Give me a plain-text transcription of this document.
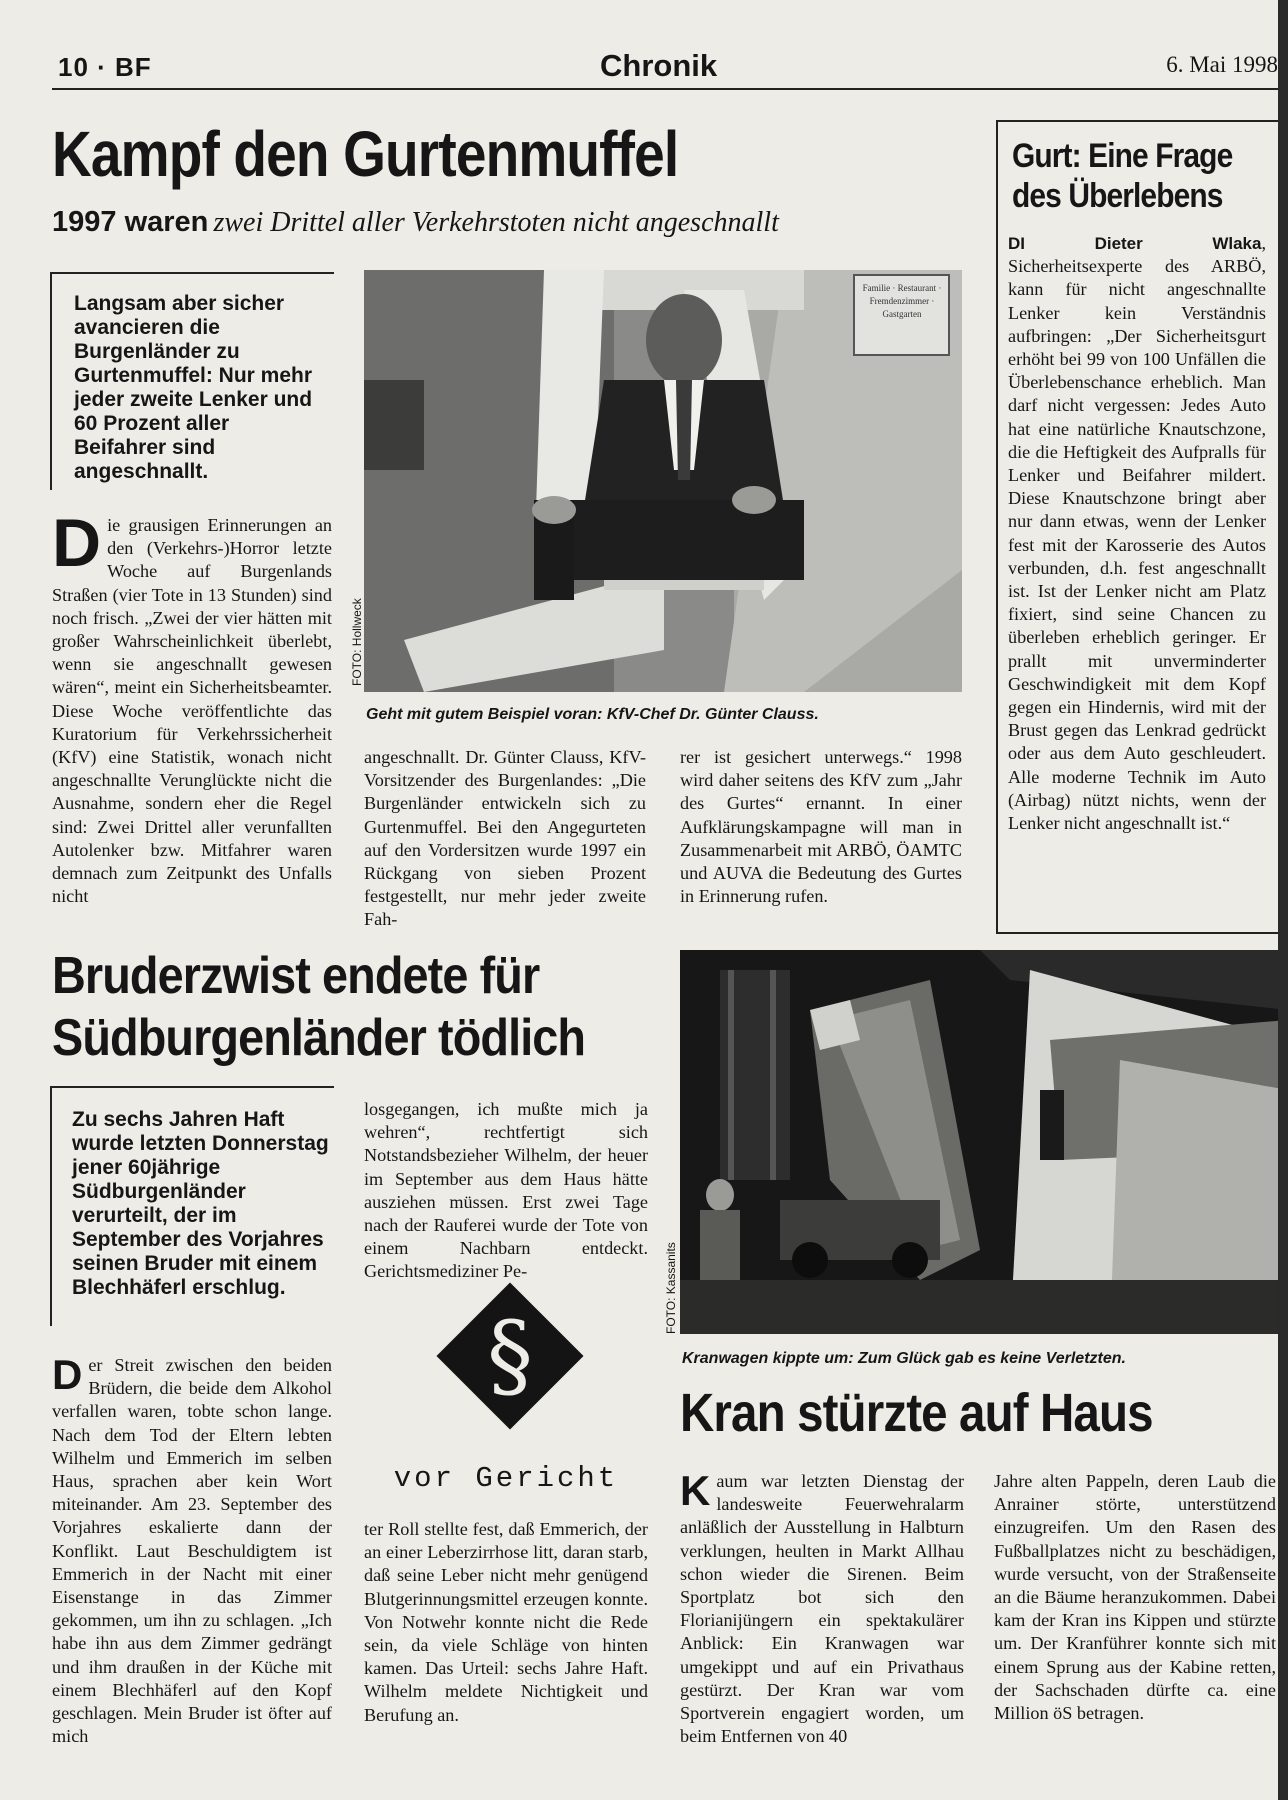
10 · BF	Chronik	6. Mai 1998
Kampf den Gurtenmuffel
1997 waren zwei Drittel aller Verkehrstoten nicht angeschnallt
Langsam aber sicher avancieren die Burgenländer zu Gurtenmuffel: Nur mehr jeder zweite Lenker und 60 Prozent aller Beifahrer sind angeschnallt.
Familie · Restaurant · Fremdenzimmer · Gastgarten
FOTO: Hollweck
Geht mit gutem Beispiel voran: KfV-Chef Dr. Günter Clauss.
Die grausigen Erinnerungen an den (Verkehrs-)Horror letzte Woche auf Burgenlands Straßen (vier Tote in 13 Stunden) sind noch frisch. „Zwei der vier hätten mit großer Wahrscheinlichkeit überlebt, wenn sie angeschnallt gewesen wären“, meint ein Sicherheitsbeamter. Diese Woche veröffentlichte das Kuratorium für Verkehrssicherheit (KfV) eine Statistik, wonach nicht angeschnallte Verunglückte nicht die Ausnahme, sondern eher die Regel sind: Zwei Drittel aller verunfallten Autolenker bzw. Mitfahrer waren demnach zum Zeitpunkt des Unfalls nicht
angeschnallt. Dr. Günter Clauss, KfV-Vorsitzender des Burgenlandes: „Die Burgenländer entwickeln sich zu Gurtenmuffel. Bei den Angegurteten auf den Vordersitzen wurde 1997 ein Rückgang von sieben Prozent festgestellt, nur mehr jeder zweite Fah-
rer ist gesichert unterwegs.“ 1998 wird daher seitens des KfV zum „Jahr des Gurtes“ ernannt. In einer Aufklärungskampagne will man in Zusammenarbeit mit ARBÖ, ÖAMTC und AUVA die Bedeutung des Gurtes in Erinnerung rufen.
Gurt: Eine Frage des Überlebens
DI Dieter Wlaka, Sicherheitsexperte des ARBÖ, kann für nicht angeschnallte Lenker kein Verständnis aufbringen: „Der Sicherheitsgurt erhöht bei 99 von 100 Unfällen die Überlebenschance erheblich. Man darf nicht vergessen: Jedes Auto hat eine natürliche Knautschzone, die die Heftigkeit des Aufpralls für Lenker und Beifahrer mildert. Diese Knautschzone bringt aber nur dann etwas, wenn der Lenker fest mit der Karosserie des Autos verbunden, d.h. fest angeschnallt ist. Ist der Lenker nicht am Platz fixiert, sind seine Chancen zu überleben erheblich geringer. Er prallt mit unverminderter Geschwindigkeit mit dem Kopf gegen ein Hindernis, wird mit der Brust gegen das Lenkrad gedrückt oder aus dem Auto geschleudert. Alle moderne Technik im Auto (Airbag) nützt nichts, wenn der Lenker nicht angeschnallt ist.“
Bruderzwist endete für
Südburgenländer tödlich
Zu sechs Jahren Haft wurde letzten Donnerstag jener 60jährige Südburgenländer verurteilt, der im September des Vorjahres seinen Bruder mit einem Blechhäferl erschlug.
Der Streit zwischen den beiden Brüdern, die beide dem Alkohol verfallen waren, tobte schon lange. Nach dem Tod der Eltern lebten Wilhelm und Emmerich im selben Haus, sprachen aber kein Wort miteinander. Am 23. September des Vorjahres eskalierte dann der Konflikt. Laut Beschuldigtem ist Emmerich in der Nacht mit einer Eisenstange in das Zimmer gekommen, um ihn zu schlagen. „Ich habe ihn aus dem Zimmer gedrängt und ihm draußen in der Küche mit einem Blechhäferl auf den Kopf geschlagen. Mein Bruder ist öfter auf mich
losgegangen, ich mußte mich ja wehren“, rechtfertigt sich Notstandsbezieher Wilhelm, der heuer im September aus dem Haus hätte ausziehen müssen. Erst zwei Tage nach der Rauferei wurde der Tote von einem Nachbarn entdeckt. Gerichtsmediziner Pe-
§
vor Gericht
ter Roll stellte fest, daß Emmerich, der an einer Leberzirrhose litt, daran starb, daß seine Leber nicht mehr genügend Blutgerinnungsmittel erzeugen konnte. Von Notwehr konnte nicht die Rede sein, da viele Schläge von hinten kamen. Das Urteil: sechs Jahre Haft. Wilhelm meldete Nichtigkeit und Berufung an.
FOTO: Kassanits
Kranwagen kippte um: Zum Glück gab es keine Verletzten.
Kran stürzte auf Haus
Kaum war letzten Dienstag der landesweite Feuerwehralarm anläßlich der Ausstellung in Halbturn verklungen, heulten in Markt Allhau schon wieder die Sirenen. Beim Sportplatz bot sich den Florianijüngern ein spektakulärer Anblick: Ein Kranwagen war umgekippt und auf ein Privathaus gestürzt. Der Kran war vom Sportverein engagiert worden, um beim Entfernen von 40
Jahre alten Pappeln, deren Laub die Anrainer störte, unterstützend einzugreifen. Um den Rasen des Fußballplatzes nicht zu beschädigen, wurde versucht, von der Straßenseite an die Bäume heranzukommen. Dabei kam der Kran ins Kippen und stürzte um. Der Kranführer konnte sich mit einem Sprung aus der Kabine retten, der Sachschaden dürfte ca. eine Million öS betragen.
